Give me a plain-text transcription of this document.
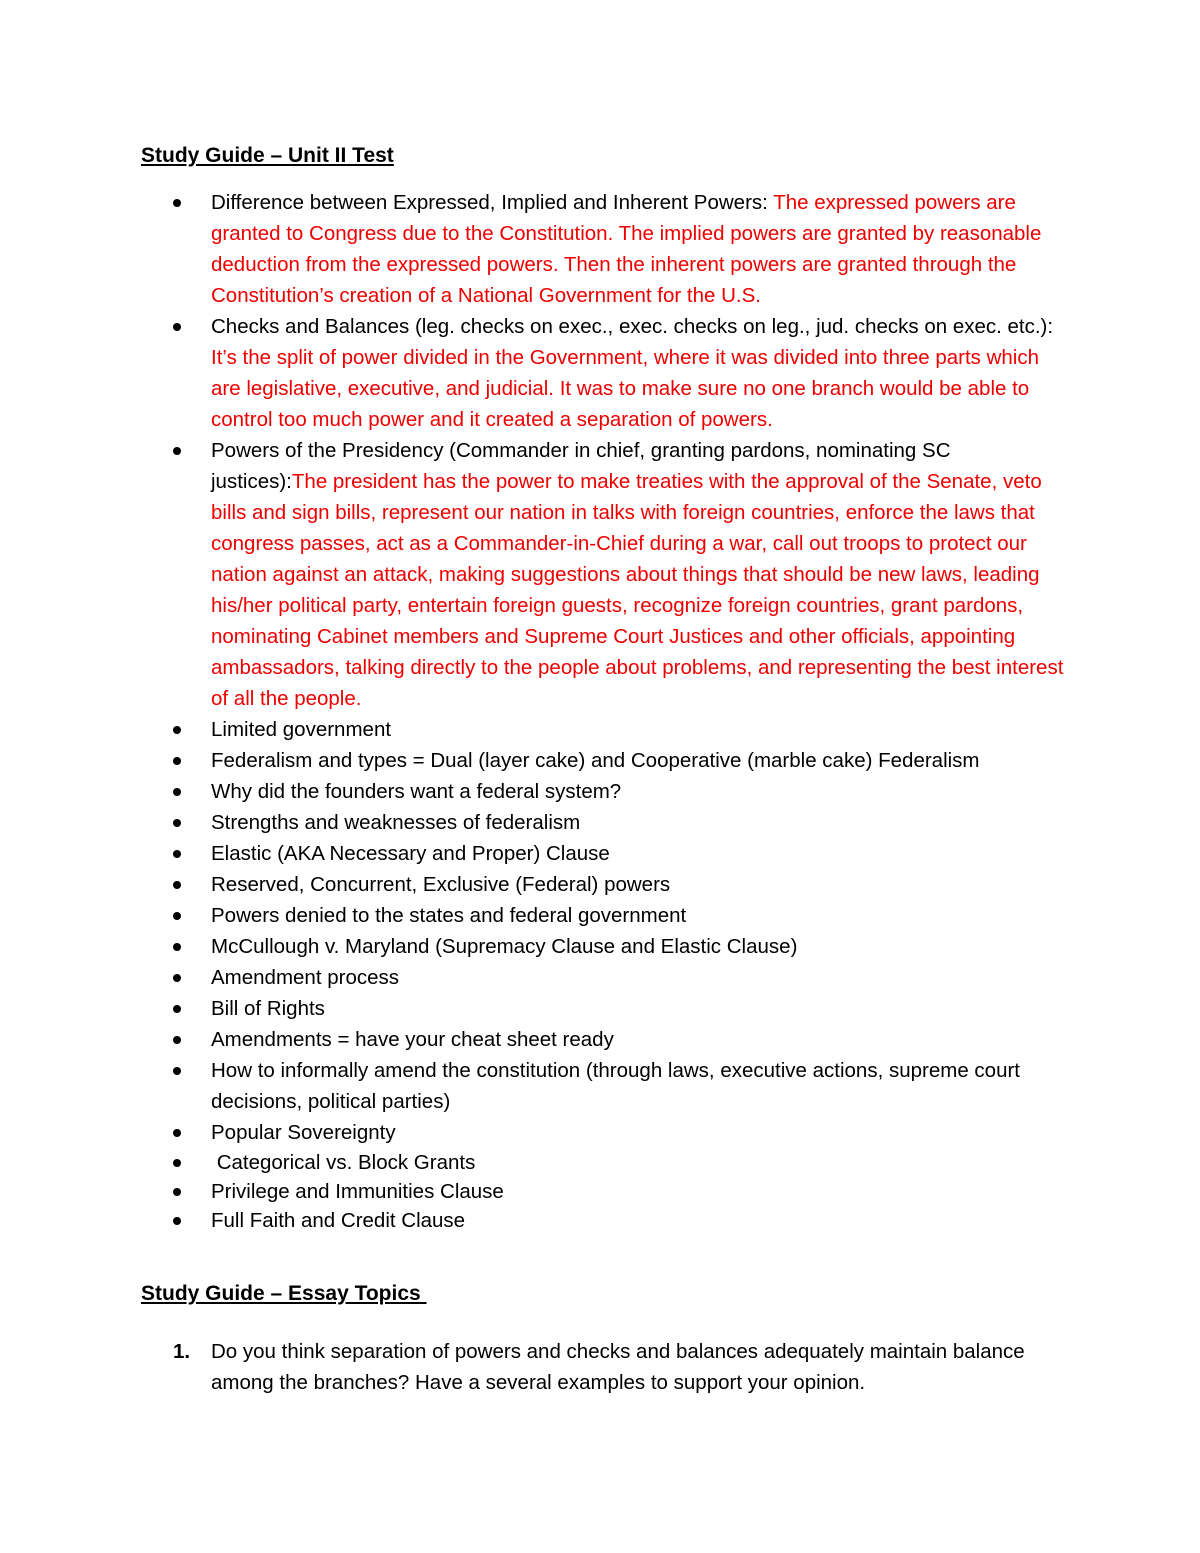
Study Guide – Unit II Test
Difference between Expressed, Implied and Inherent Powers: The expressed powers are granted to Congress due to the Constitution. The implied powers are granted by reasonable deduction from the expressed powers. Then the inherent powers are granted through the Constitution’s creation of a National Government for the U.S.
Checks and Balances (leg. checks on exec., exec. checks on leg., jud. checks on exec. etc.): It’s the split of power divided in the Government, where it was divided into three parts which are legislative, executive, and judicial. It was to make sure no one branch would be able to control too much power and it created a separation of powers.
Powers of the Presidency (Commander in chief, granting pardons, nominating SC justices):The president has the power to make treaties with the approval of the Senate, veto bills and sign bills, represent our nation in talks with foreign countries, enforce the laws that congress passes, act as a Commander-in-Chief during a war, call out troops to protect our nation against an attack, making suggestions about things that should be new laws, leading his/her political party, entertain foreign guests, recognize foreign countries, grant pardons, nominating Cabinet members and Supreme Court Justices and other officials, appointing ambassadors, talking directly to the people about problems, and representing the best interest of all the people.
Limited government
Federalism and types = Dual (layer cake) and Cooperative (marble cake) Federalism
Why did the founders want a federal system?
Strengths and weaknesses of federalism
Elastic (AKA Necessary and Proper) Clause
Reserved, Concurrent, Exclusive (Federal) powers
Powers denied to the states and federal government
McCullough v. Maryland (Supremacy Clause and Elastic Clause)
Amendment process
Bill of Rights
Amendments = have your cheat sheet ready
How to informally amend the constitution (through laws, executive actions, supreme court decisions, political parties)
Popular Sovereignty
Categorical vs. Block Grants
Privilege and Immunities Clause
Full Faith and Credit Clause
Study Guide – Essay Topics
1. Do you think separation of powers and checks and balances adequately maintain balance among the branches? Have a several examples to support your opinion.
